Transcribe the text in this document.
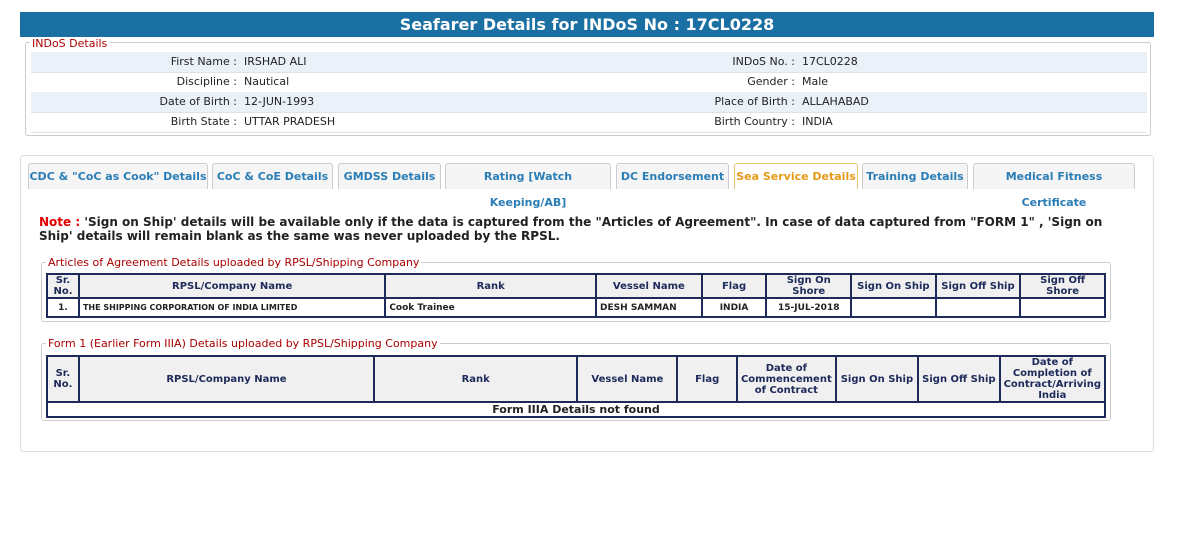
Seafarer Details for INDoS No : 17CL0228
INDoS Details
First Name : IRSHAD ALI	INDoS No. : 17CL0228
Discipline : Nautical	Gender : Male
Date of Birth : 12-JUN-1993	Place of Birth : ALLAHABAD
Birth State : UTTAR PRADESH	Birth Country : INDIA
CDC & "CoC as Cook" Details CoC & CoE Details	GMDSS Details	Rating [Watch Keeping/AB]
DC Endorsement	Sea Service Details Training Details	Medical Fitness Certificate
Note : 'Sign on Ship' details will be available only if the data is captured from the "Articles of Agreement". In case of data captured from "FORM 1" , 'Sign on Ship' details will remain blank as the same was never uploaded by the RPSL.
Articles of Agreement Details uploaded by RPSL/Shipping Company
Sr. No.	RPSL/Company Name	Rank	Vessel Name	Flag	Sign On Shore	Sign On Ship	Sign Off Ship	Sign Off Shore
1.	THE SHIPPING CORPORATION OF INDIA LIMITED	Cook Trainee	DESH SAMMAN	INDIA	15-JUL-2018			
Form 1 (Earlier Form IIIA) Details uploaded by RPSL/Shipping Company
Sr. No.	RPSL/Company Name	Rank	Vessel Name	Flag	Date of Commencement of Contract	Sign On Ship	Sign Off Ship	Date of Completion of Contract/Arriving India
Form IIIA Details not found
